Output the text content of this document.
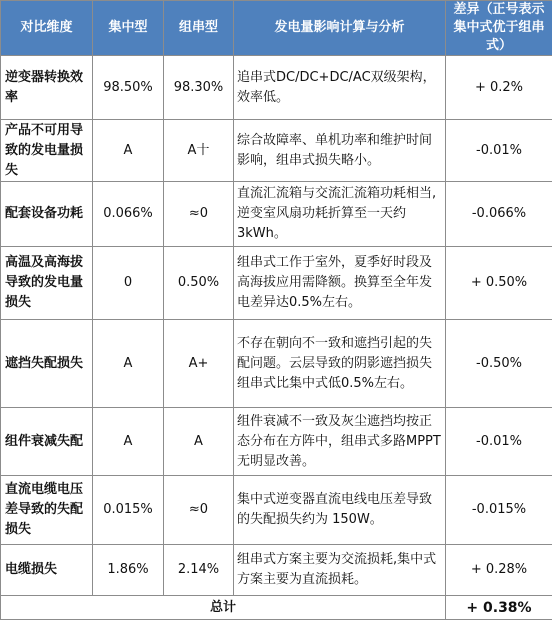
对比维度	集中型	组串型	发电量影响计算与分析	差异（正号表示集中式优于组串式）
逆变器转换效率	98.50%	98.30%	追串式DC/DC+DC/AC双级架构，效率低。	+ 0.2%
产品不可用导致的发电量损失	A	A十	综合故障率、单机功率和维护时间影响，组串式损失略小。	-0.01%
配套设备功耗	0.066%	≈0	直流汇流箱与交流汇流箱功耗相当,逆变室风扇功耗折算至一天约3kWh。	-0.066%
高温及高海拔导致的发电量损失	0	0.50%	组串式工作于室外，夏季好时段及高海拔应用需降额。换算至全年发电差异达0.5%左右。	+ 0.50%
遮挡失配损失	A	A+	不存在朝向不一致和遮挡引起的失配问题。云层导致的阴影遮挡损失组串式比集中式低0.5%左右。	-0.50%
组件衰减失配	A	A	组件衰减不一致及灰尘遮挡均按正态分布在方阵中，组串式多路MPPT无明显改善。	-0.01%
直流电缆电压差导致的失配损失	0.015%	≈0	集中式逆变器直流电线电压差导致的失配损失约为 150W。	-0.015%
电缆损失	1.86%	2.14%	组串式方案主要为交流损耗,集中式方案主要为直流损耗。	+ 0.28%
总计				+ 0.38%
